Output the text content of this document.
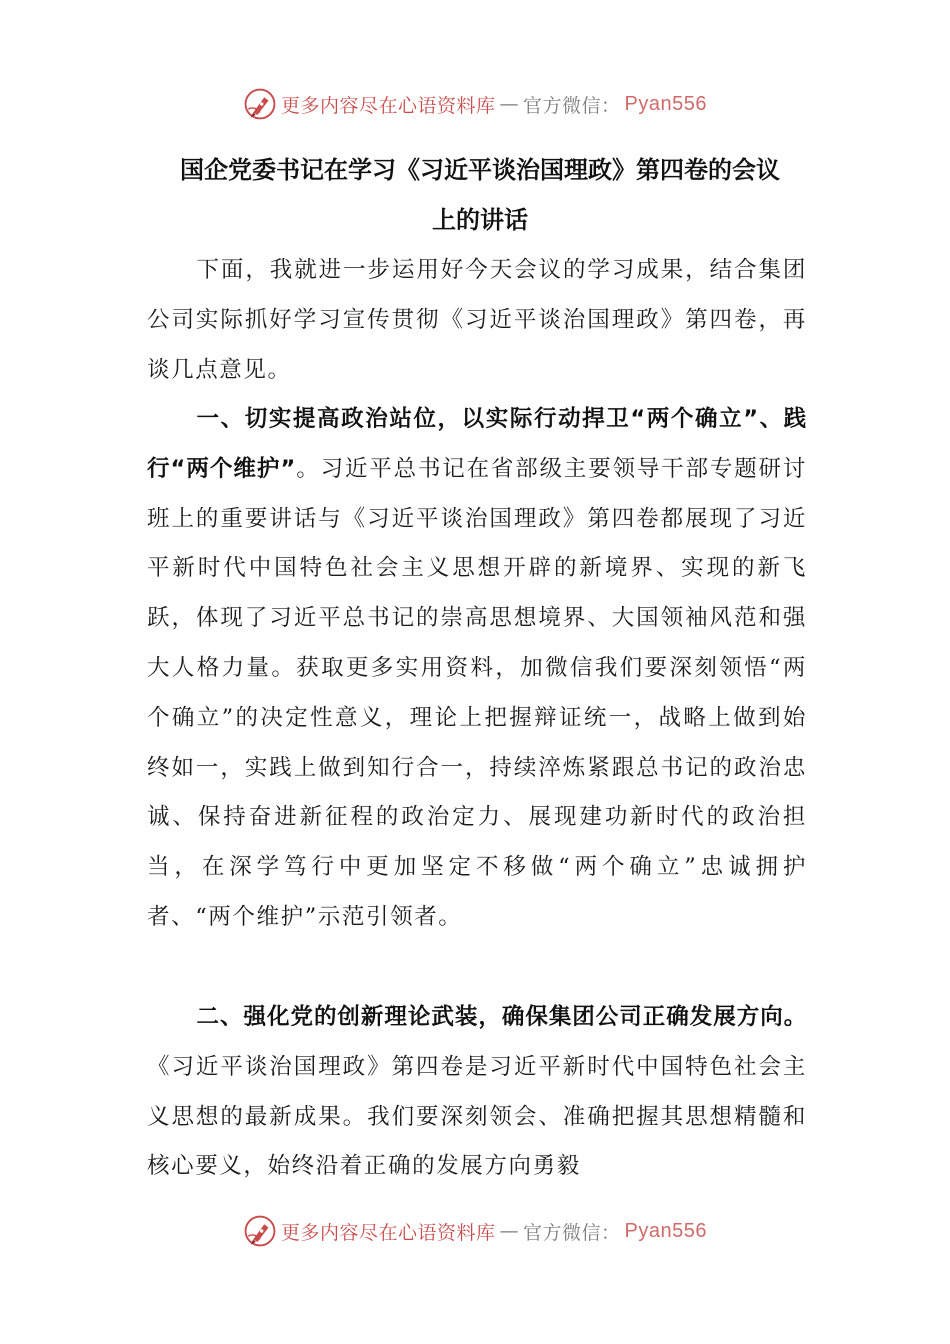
更多内容尽在心语资料库 — 官方微信： Pyan556
国企党委书记在学习《习近平谈治国理政》第四卷的会议
上的讲话

下面，我就进一步运用好今天会议的学习成果，结合集团公司实际抓好学习宣传贯彻《习近平谈治国理政》第四卷，再谈几点意见。

一、切实提高政治站位，以实际行动捍卫“两个确立”、践行“两个维护”。习近平总书记在省部级主要领导干部专题研讨班上的重要讲话与《习近平谈治国理政》第四卷都展现了习近平新时代中国特色社会主义思想开辟的新境界、实现的新飞跃，体现了习近平总书记的崇高思想境界、大国领袖风范和强大人格力量。获取更多实用资料，加微信我们要深刻领悟“两个确立”的决定性意义，理论上把握辩证统一，战略上做到始终如一，实践上做到知行合一，持续淬炼紧跟总书记的政治忠诚、保持奋进新征程的政治定力、展现建功新时代的政治担当，在深学笃行中更加坚定不移做“两个确立”忠诚拥护者、“两个维护”示范引领者。

二、强化党的创新理论武装，确保集团公司正确发展方向。《习近平谈治国理政》第四卷是习近平新时代中国特色社会主义思想的最新成果。我们要深刻领会、准确把握其思想精髓和核心要义，始终沿着正确的发展方向勇毅

更多内容尽在心语资料库 — 官方微信： Pyan556
